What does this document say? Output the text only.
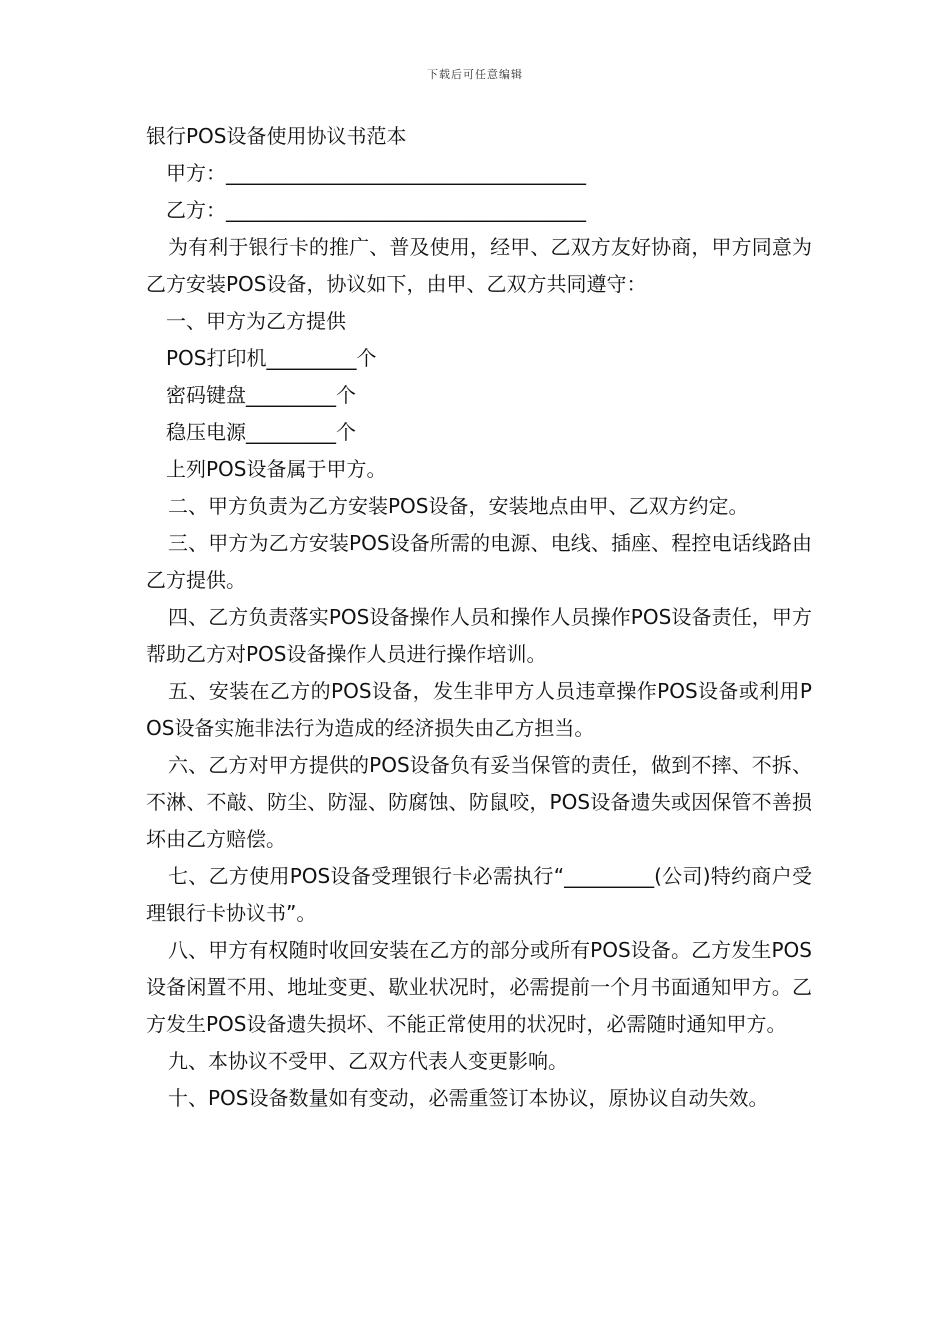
下载后可任意编辑

银行POS设备使用协议书范本

甲方：____________________________________

乙方：____________________________________

为有利于银行卡的推广、普及使用，经甲、乙双方友好协商，甲方同意为乙方安装POS设备，协议如下，由甲、乙双方共同遵守：

一、甲方为乙方提供

POS打印机_________个

密码键盘_________个

稳压电源_________个

上列POS设备属于甲方。

二、甲方负责为乙方安装POS设备，安装地点由甲、乙双方约定。

三、甲方为乙方安装POS设备所需的电源、电线、插座、程控电话线路由乙方提供。

四、乙方负责落实POS设备操作人员和操作人员操作POS设备责任，甲方帮助乙方对POS设备操作人员进行操作培训。

五、安装在乙方的POS设备，发生非甲方人员违章操作POS设备或利用POS设备实施非法行为造成的经济损失由乙方担当。

六、乙方对甲方提供的POS设备负有妥当保管的责任，做到不摔、不拆、不淋、不敲、防尘、防湿、防腐蚀、防鼠咬，POS设备遗失或因保管不善损坏由乙方赔偿。

七、乙方使用POS设备受理银行卡必需执行“_________(公司)特约商户受理银行卡协议书”。

八、甲方有权随时收回安装在乙方的部分或所有POS设备。乙方发生POS设备闲置不用、地址变更、歇业状况时，必需提前一个月书面通知甲方。乙方发生POS设备遗失损坏、不能正常使用的状况时，必需随时通知甲方。

九、本协议不受甲、乙双方代表人变更影响。

十、POS设备数量如有变动，必需重签订本协议，原协议自动失效。
